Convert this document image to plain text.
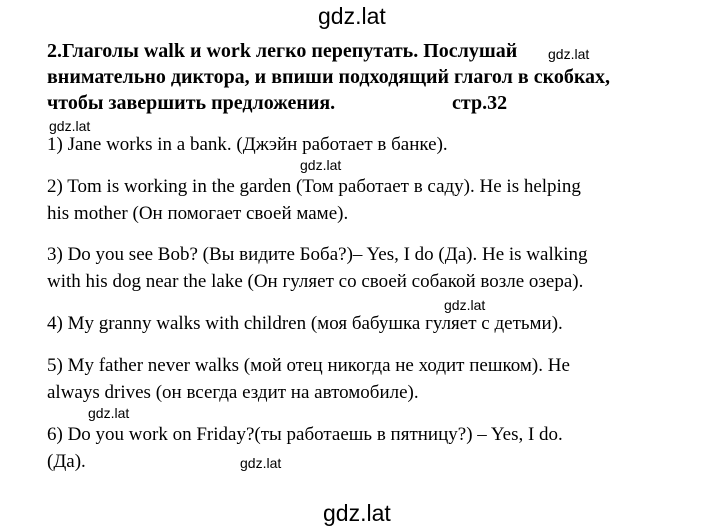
gdz.lat
gdz.lat
gdz.lat
gdz.lat
gdz.lat
gdz.lat
gdz.lat
gdz.lat
2.Глаголы walk и work легко перепутать. Послушай
внимательно диктора, и впиши подходящий глагол в скобках,
чтобы завершить предложения.	стр.32
1) Jane works in a bank. (Джэйн работает в банке).
2) Tom is working in the garden (Том работает в саду). He is helping
his mother (Он помогает своей маме).
3) Do you see Bob? (Вы видите Боба?)– Yes, I do (Да). He is walking
with his dog near the lake (Он гуляет со своей собакой возле озера).
4) My granny walks with children (моя бабушка гуляет с детьми).
5) My father never walks (мой отец никогда не ходит пешком). He
always drives (он всегда ездит на автомобиле).
6) Do you work on Friday?(ты работаешь в пятницу?) – Yes, I do.
(Да).
